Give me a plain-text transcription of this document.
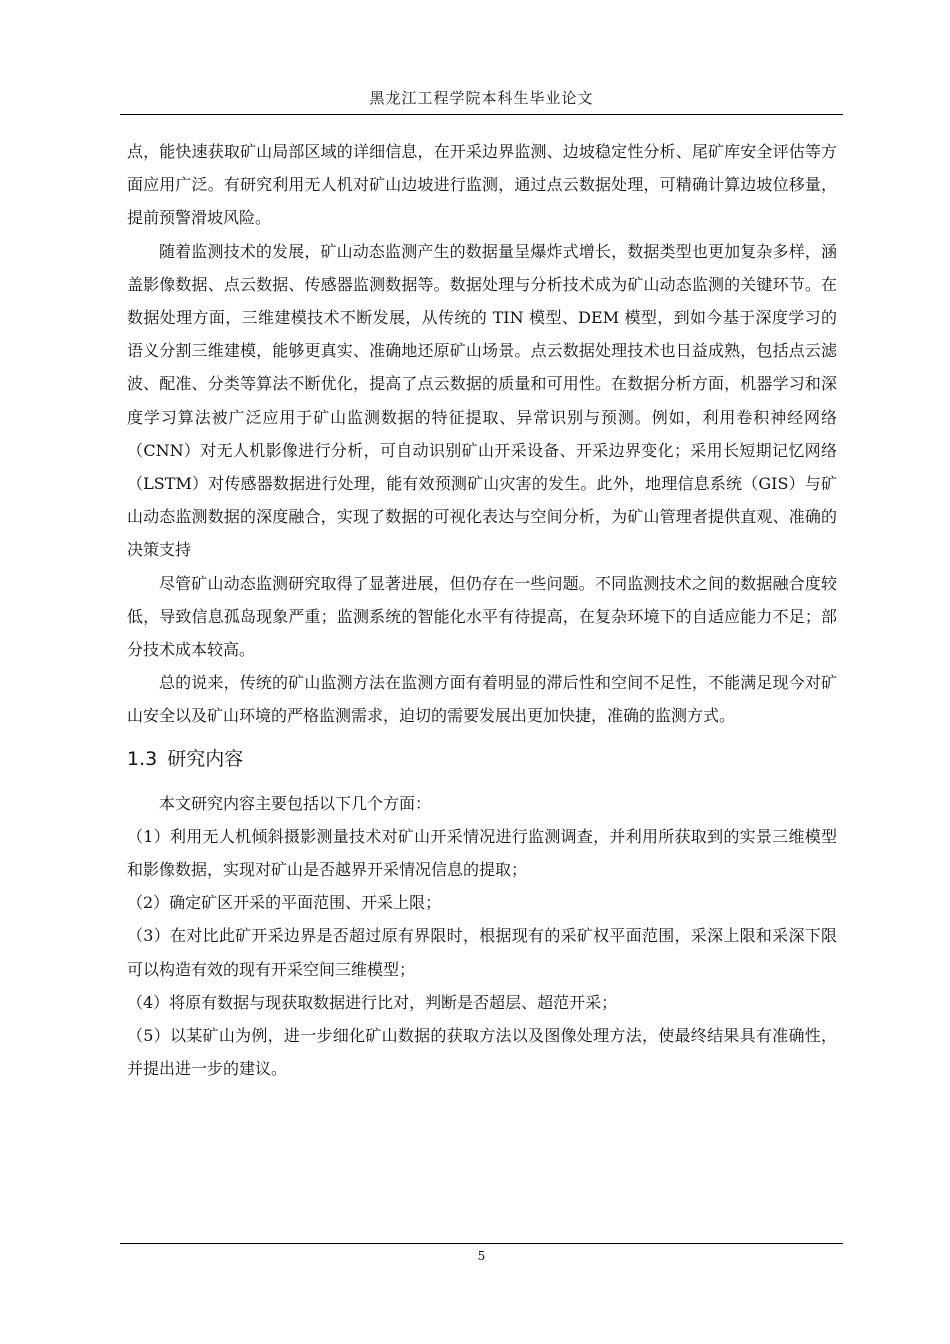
黑龙江工程学院本科生毕业论文

点，能快速获取矿山局部区域的详细信息，在开采边界监测、边坡稳定性分析、尾矿库安全评估等方面应用广泛。有研究利用无人机对矿山边坡进行监测，通过点云数据处理，可精确计算边坡位移量，提前预警滑坡风险。

随着监测技术的发展，矿山动态监测产生的数据量呈爆炸式增长，数据类型也更加复杂多样，涵盖影像数据、点云数据、传感器监测数据等。数据处理与分析技术成为矿山动态监测的关键环节。在数据处理方面，三维建模技术不断发展，从传统的 TIN 模型、DEM 模型，到如今基于深度学习的语义分割三维建模，能够更真实、准确地还原矿山场景。点云数据处理技术也日益成熟，包括点云滤波、配准、分类等算法不断优化，提高了点云数据的质量和可用性。在数据分析方面，机器学习和深度学习算法被广泛应用于矿山监测数据的特征提取、异常识别与预测。例如，利用卷积神经网络（CNN）对无人机影像进行分析，可自动识别矿山开采设备、开采边界变化；采用长短期记忆网络（LSTM）对传感器数据进行处理，能有效预测矿山灾害的发生。此外，地理信息系统（GIS）与矿山动态监测数据的深度融合，实现了数据的可视化表达与空间分析，为矿山管理者提供直观、准确的决策支持

尽管矿山动态监测研究取得了显著进展，但仍存在一些问题。不同监测技术之间的数据融合度较低，导致信息孤岛现象严重；监测系统的智能化水平有待提高，在复杂环境下的自适应能力不足；部分技术成本较高。

总的说来，传统的矿山监测方法在监测方面有着明显的滞后性和空间不足性，不能满足现今对矿山安全以及矿山环境的严格监测需求，迫切的需要发展出更加快捷，准确的监测方式。

1.3 研究内容

本文研究内容主要包括以下几个方面：

（1）利用无人机倾斜摄影测量技术对矿山开采情况进行监测调查，并利用所获取到的实景三维模型和影像数据，实现对矿山是否越界开采情况信息的提取；

（2）确定矿区开采的平面范围、开采上限；

（3）在对比此矿开采边界是否超过原有界限时，根据现有的采矿权平面范围，采深上限和采深下限可以构造有效的现有开采空间三维模型；

（4）将原有数据与现获取数据进行比对，判断是否超层、超范开采；

（5）以某矿山为例，进一步细化矿山数据的获取方法以及图像处理方法，使最终结果具有准确性，并提出进一步的建议。

5
